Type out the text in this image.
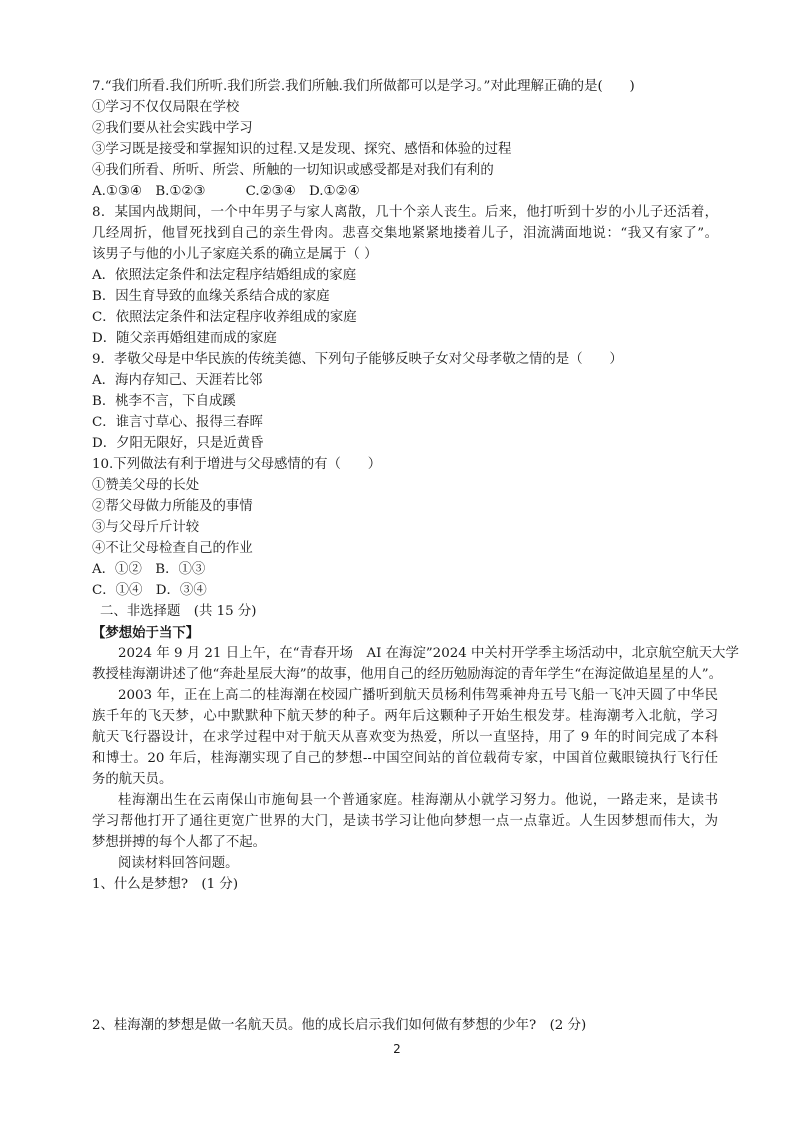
7.“我们所看.我们所听.我们所尝.我们所触.我们所做都可以是学习。”对此理解正确的是(　　)
①学习不仅仅局限在学校
②我们要从社会实践中学习
③学习既是接受和掌握知识的过程.又是发现、探究、感悟和体验的过程
④我们所看、所听、所尝、所触的一切知识或感受都是对我们有利的
A.①③④　B.①②③　　　C.②③④　D.①②④
8．某国内战期间，一个中年男子与家人离散，几十个亲人丧生。后来，他打听到十岁的小儿子还活着，
几经周折，他冒死找到自己的亲生骨肉。悲喜交集地紧紧地搂着儿子，泪流满面地说：“我又有家了”。
该男子与他的小儿子家庭关系的确立是属于（ ）
A．依照法定条件和法定程序结婚组成的家庭
B．因生育导致的血缘关系结合成的家庭
C．依照法定条件和法定程序收养组成的家庭
D．随父亲再婚组建而成的家庭
9．孝敬父母是中华民族的传统美德、下列句子能够反映子女对父母孝敬之情的是（　　）
A．海内存知己、天涯若比邻
B．桃李不言，下自成蹊
C．谁言寸草心、报得三春晖
D．夕阳无限好，只是近黄昏
10.下列做法有利于增进与父母感情的有（　　）
①赞美父母的长处
②帮父母做力所能及的事情
③与父母斤斤计较
④不让父母检查自己的作业
A．①②　B．①③
C．①④　D．③④
二、非选择题　(共 15 分)
【梦想始于当下】
2024 年 9 月 21 日上午，在“青春开场　AI 在海淀”2024 中关村开学季主场活动中，北京航空航天大学
教授桂海潮讲述了他“奔赴星辰大海”的故事，他用自己的经历勉励海淀的青年学生“在海淀做追星星的人”。
2003 年，正在上高二的桂海潮在校园广播听到航天员杨利伟驾乘神舟五号飞船一飞冲天圆了中华民
族千年的飞天梦，心中默默种下航天梦的种子。两年后这颗种子开始生根发芽。桂海潮考入北航，学习
航天飞行器设计，在求学过程中对于航天从喜欢变为热爱，所以一直坚持，用了 9 年的时间完成了本科
和博士。20 年后，桂海潮实现了自己的梦想--中国空间站的首位载荷专家，中国首位戴眼镜执行飞行任
务的航天员。
桂海潮出生在云南保山市施甸县一个普通家庭。桂海潮从小就学习努力。他说，一路走来，是读书
学习帮他打开了通往更宽广世界的大门，是读书学习让他向梦想一点一点靠近。人生因梦想而伟大，为
梦想拼搏的每个人都了不起。
阅读材料回答问题。
1、什么是梦想?　(1 分)
2、桂海潮的梦想是做一名航天员。他的成长启示我们如何做有梦想的少年?　(2 分)
2
